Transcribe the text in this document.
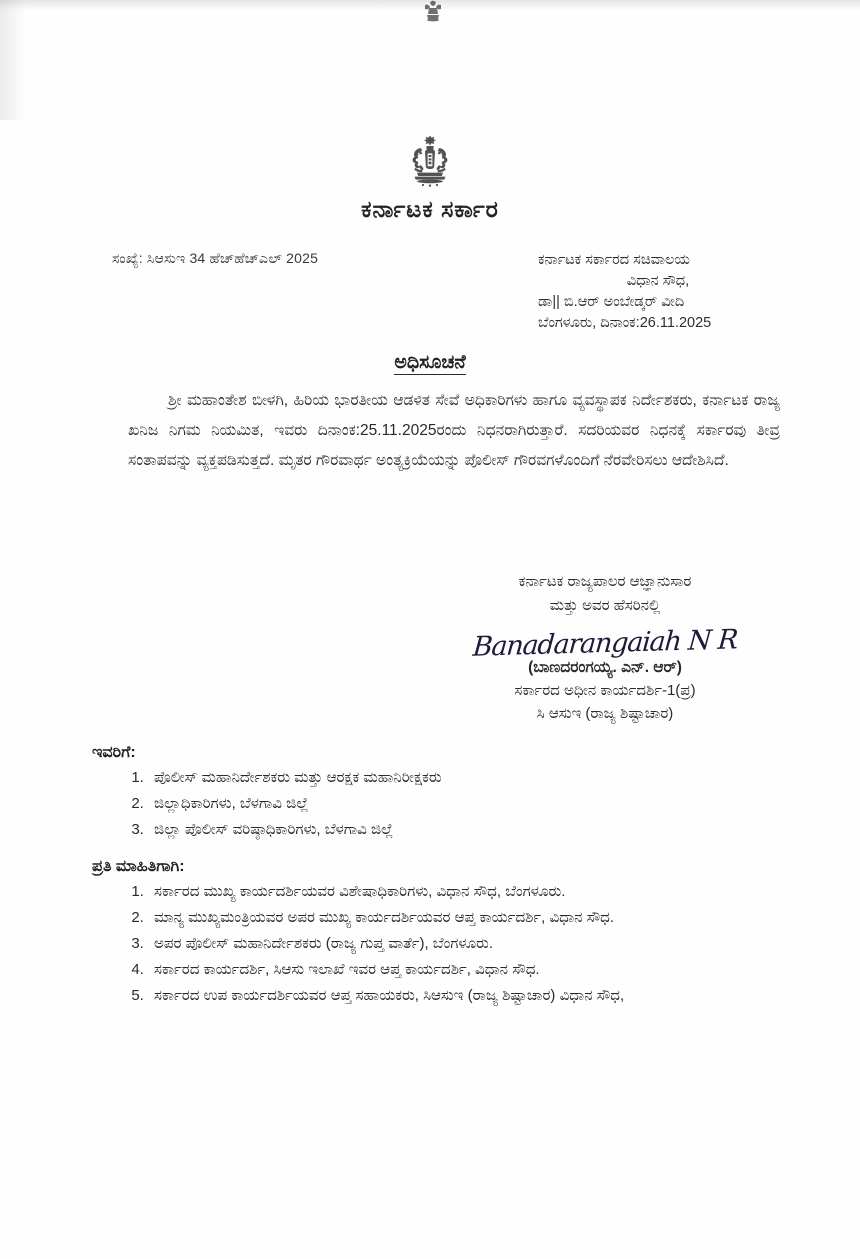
ಕರ್ನಾಟಕ ಸರ್ಕಾರ
ಸಂಖ್ಯೆ: ಸಿಆಸುಇ 34 ಹೆಚ್‌ಹೆಚ್‌ಎಲ್ 2025	ಕರ್ನಾಟಕ ಸರ್ಕಾರದ ಸಚಿವಾಲಯ
ವಿಧಾನ ಸೌಧ,
ಡಾ|| ಬಿ.ಆರ್ ಅಂಬೇಡ್ಕರ್ ವೀದಿ
ಬೆಂಗಳೂರು, ದಿನಾಂಕ:26.11.2025
ಅಧಿಸೂಚನೆ
ಶ್ರೀ ಮಹಾಂತೇಶ ಬೀಳಗಿ, ಹಿರಿಯ ಭಾರತೀಯ ಆಡಳಿತ ಸೇವೆ ಅಧಿಕಾರಿಗಳು ಹಾಗೂ ವ್ಯವಸ್ಥಾಪಕ ನಿರ್ದೇಶಕರು, ಕರ್ನಾಟಕ ರಾಜ್ಯ ಖನಿಜ ನಿಗಮ ನಿಯಮಿತ, ಇವರು ದಿನಾಂಕ:25.11.2025ರಂದು ನಿಧನರಾಗಿರುತ್ತಾರೆ. ಸದರಿಯವರ ನಿಧನಕ್ಕೆ ಸರ್ಕಾರವು ತೀವ್ರ ಸಂತಾಪವನ್ನು ವ್ಯಕ್ತಪಡಿಸುತ್ತದೆ. ಮೃತರ ಗೌರವಾರ್ಥ ಅಂತ್ಯಕ್ರಿಯೆಯನ್ನು ಪೊಲೀಸ್ ಗೌರವಗಳೊಂದಿಗೆ ನೆರವೇರಿಸಲು ಆದೇಶಿಸಿದೆ.
ಕರ್ನಾಟಕ ರಾಜ್ಯಪಾಲರ ಆಜ್ಞಾನುಸಾರ
ಮತ್ತು ಅವರ ಹೆಸರಿನಲ್ಲಿ
Banadarangaiah N R
(ಬಾಣದರಂಗಯ್ಯ. ಎನ್. ಆರ್)
ಸರ್ಕಾರದ ಅಧೀನ ಕಾರ್ಯದರ್ಶಿ-1(ಪ್ರ)
ಸಿ ಆಸುಇ (ರಾಜ್ಯ ಶಿಷ್ಟಾಚಾರ)
ಇವರಿಗೆ:
1. ಪೊಲೀಸ್ ಮಹಾನಿರ್ದೇಶಕರು ಮತ್ತು ಆರಕ್ಷಕ ಮಹಾನಿರೀಕ್ಷಕರು
2. ಜಿಲ್ಲಾಧಿಕಾರಿಗಳು, ಬೆಳಗಾವಿ ಜಿಲ್ಲೆ
3. ಜಿಲ್ಲಾ ಪೊಲೀಸ್ ವರಿಷ್ಠಾಧಿಕಾರಿಗಳು, ಬೆಳಗಾವಿ ಜಿಲ್ಲೆ
ಪ್ರತಿ ಮಾಹಿತಿಗಾಗಿ:
1. ಸರ್ಕಾರದ ಮುಖ್ಯ ಕಾರ್ಯದರ್ಶಿಯವರ ವಿಶೇಷಾಧಿಕಾರಿಗಳು, ವಿಧಾನ ಸೌಧ, ಬೆಂಗಳೂರು.
2. ಮಾನ್ಯ ಮುಖ್ಯಮಂತ್ರಿಯವರ ಅಪರ ಮುಖ್ಯ ಕಾರ್ಯದರ್ಶಿಯವರ ಆಪ್ತ ಕಾರ್ಯದರ್ಶಿ, ವಿಧಾನ ಸೌಧ.
3. ಅಪರ ಪೊಲೀಸ್ ಮಹಾನಿರ್ದೇಶಕರು (ರಾಜ್ಯ ಗುಪ್ತ ವಾರ್ತೆ), ಬೆಂಗಳೂರು.
4. ಸರ್ಕಾರದ ಕಾರ್ಯದರ್ಶಿ, ಸಿಆಸು ಇಲಾಖೆ ಇವರ ಆಪ್ತ ಕಾರ್ಯದರ್ಶಿ, ವಿಧಾನ ಸೌಧ.
5. ಸರ್ಕಾರದ ಉಪ ಕಾರ್ಯದರ್ಶಿಯವರ ಆಪ್ತ ಸಹಾಯಕರು, ಸಿಆಸುಇ (ರಾಜ್ಯ ಶಿಷ್ಟಾಚಾರ) ವಿಧಾನ ಸೌಧ,
